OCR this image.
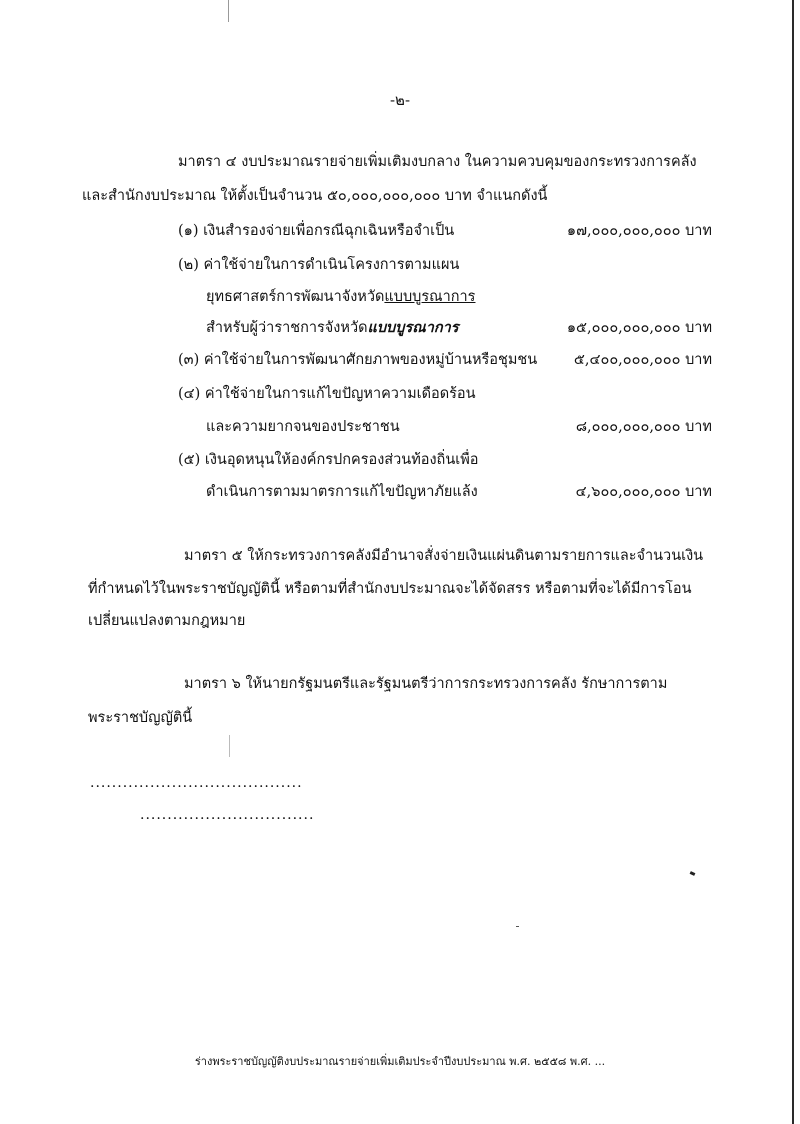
-๒-
มาตรา ๔ งบประมาณรายจ่ายเพิ่มเติมงบกลาง ในความควบคุมของกระทรวงการคลัง
และสำนักงบประมาณ ให้ตั้งเป็นจำนวน ๕๐,๐๐๐,๐๐๐,๐๐๐ บาท จำแนกดังนี้
(๑) เงินสำรองจ่ายเพื่อกรณีฉุกเฉินหรือจำเป็น	๑๗,๐๐๐,๐๐๐,๐๐๐ บาท
(๒) ค่าใช้จ่ายในการดำเนินโครงการตามแผน
ยุทธศาสตร์การพัฒนาจังหวัดแบบบูรณาการ
สำหรับผู้ว่าราชการจังหวัดแบบบูรณาการ	๑๕,๐๐๐,๐๐๐,๐๐๐ บาท
(๓) ค่าใช้จ่ายในการพัฒนาศักยภาพของหมู่บ้านหรือชุมชน	๕,๔๐๐,๐๐๐,๐๐๐ บาท
(๔) ค่าใช้จ่ายในการแก้ไขปัญหาความเดือดร้อน
และความยากจนของประชาชน	๘,๐๐๐,๐๐๐,๐๐๐ บาท
(๕) เงินอุดหนุนให้องค์กรปกครองส่วนท้องถิ่นเพื่อ
ดำเนินการตามมาตรการแก้ไขปัญหาภัยแล้ง	๔,๖๐๐,๐๐๐,๐๐๐ บาท
มาตรา ๕ ให้กระทรวงการคลังมีอำนาจสั่งจ่ายเงินแผ่นดินตามรายการและจำนวนเงิน
ที่กำหนดไว้ในพระราชบัญญัตินี้ หรือตามที่สำนักงบประมาณจะได้จัดสรร หรือตามที่จะได้มีการโอน
เปลี่ยนแปลงตามกฎหมาย
มาตรา ๖ ให้นายกรัฐมนตรีและรัฐมนตรีว่าการกระทรวงการคลัง รักษาการตาม
พระราชบัญญัตินี้
.......................................
................................
ร่างพระราชบัญญัติงบประมาณรายจ่ายเพิ่มเติมประจำปีงบประมาณ พ.ศ. ๒๕๕๘ พ.ศ. ...
